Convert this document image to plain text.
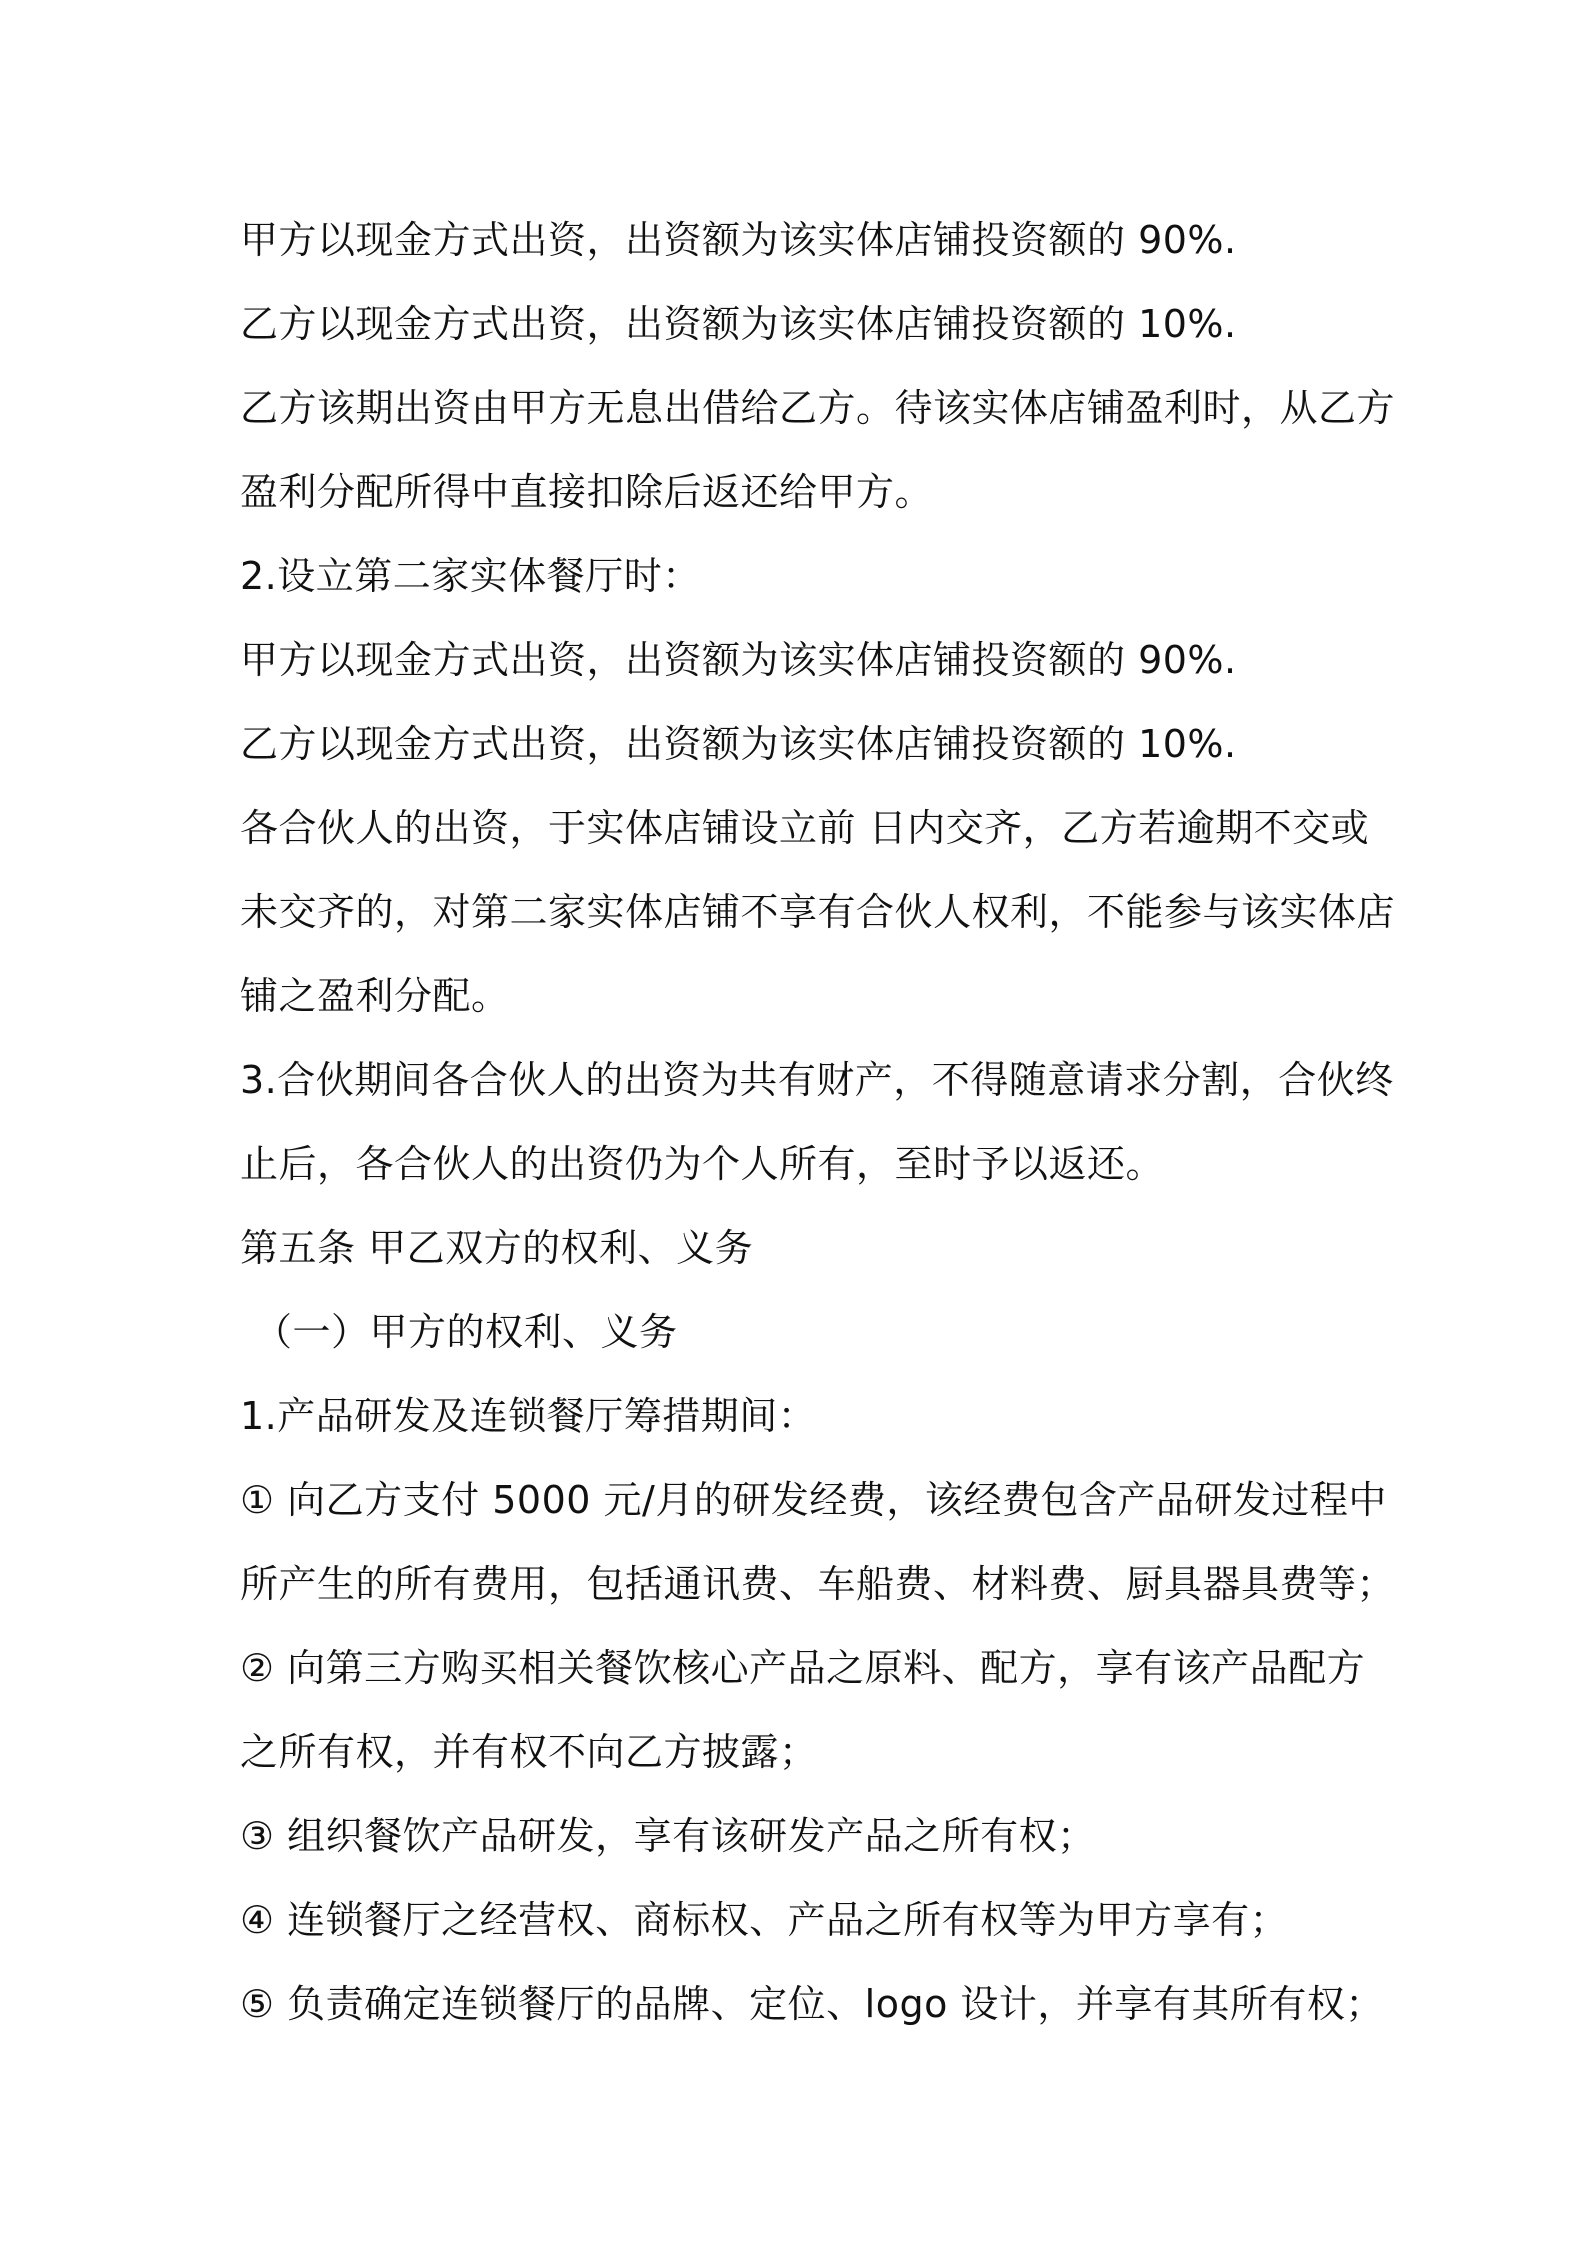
甲方以现金方式出资，出资额为该实体店铺投资额的 90%.
乙方以现金方式出资，出资额为该实体店铺投资额的 10%.
乙方该期出资由甲方无息出借给乙方。待该实体店铺盈利时，从乙方
盈利分配所得中直接扣除后返还给甲方。
2.设立第二家实体餐厅时：
甲方以现金方式出资，出资额为该实体店铺投资额的 90%.
乙方以现金方式出资，出资额为该实体店铺投资额的 10%.
各合伙人的出资，于实体店铺设立前 日内交齐，乙方若逾期不交或
未交齐的，对第二家实体店铺不享有合伙人权利，不能参与该实体店
铺之盈利分配。
3.合伙期间各合伙人的出资为共有财产，不得随意请求分割，合伙终
止后，各合伙人的出资仍为个人所有，至时予以返还。
第五条 甲乙双方的权利、义务
（一）甲方的权利、义务
1.产品研发及连锁餐厅筹措期间：
① 向乙方支付 5000 元/月的研发经费，该经费包含产品研发过程中
所产生的所有费用，包括通讯费、车船费、材料费、厨具器具费等；
② 向第三方购买相关餐饮核心产品之原料、配方，享有该产品配方
之所有权，并有权不向乙方披露；
③ 组织餐饮产品研发，享有该研发产品之所有权；
④ 连锁餐厅之经营权、商标权、产品之所有权等为甲方享有；
⑤ 负责确定连锁餐厅的品牌、定位、logo 设计，并享有其所有权；
